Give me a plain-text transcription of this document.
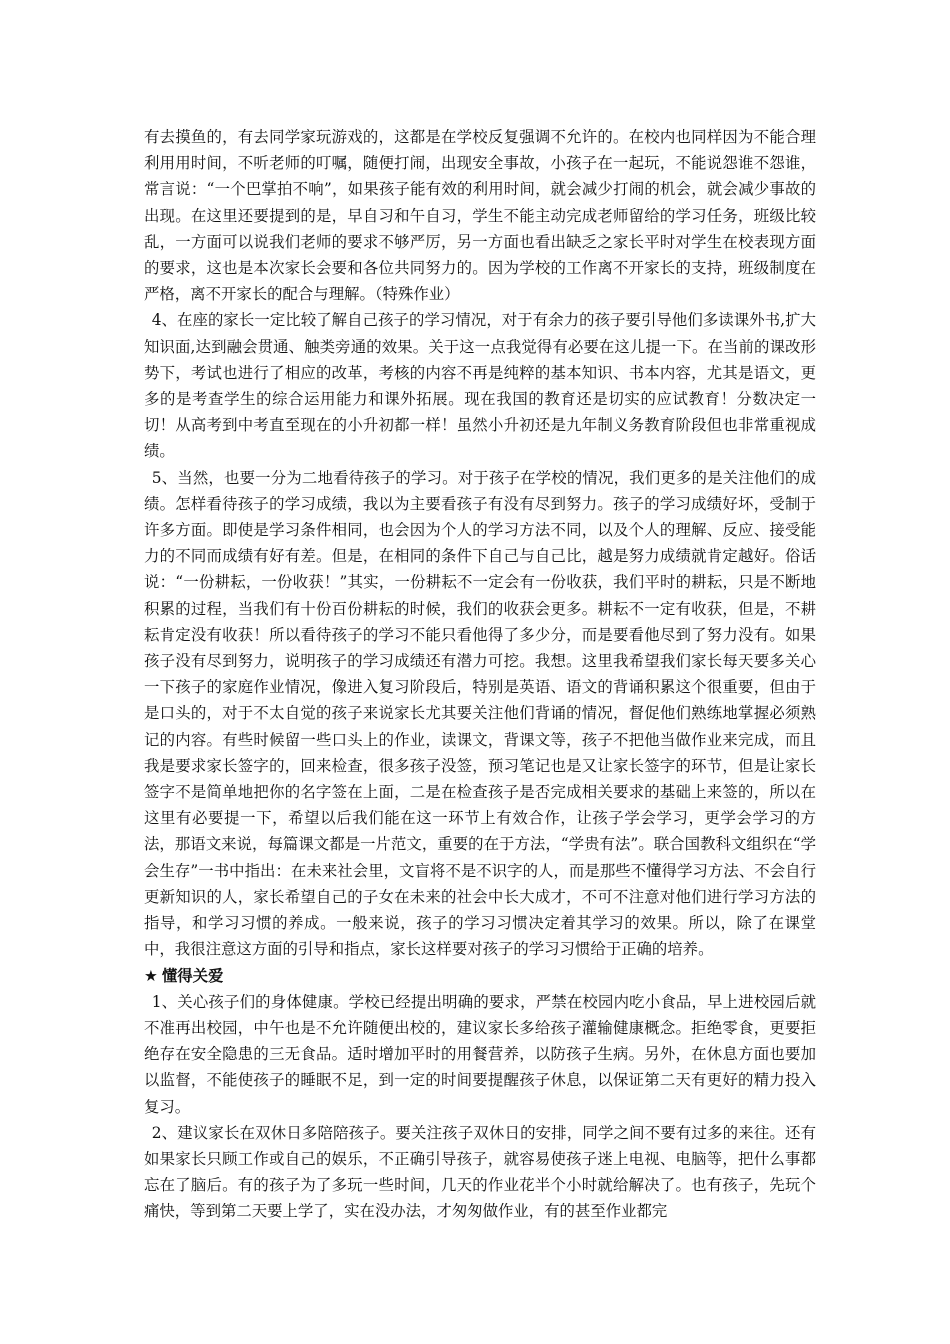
有去摸鱼的，有去同学家玩游戏的，这都是在学校反复强调不允许的。在校内也同样因为不能合理利用用时间，不听老师的叮嘱，随便打闹，出现安全事故，小孩子在一起玩，不能说怨谁不怨谁，常言说：“一个巴掌拍不响”，如果孩子能有效的利用时间，就会减少打闹的机会，就会减少事故的出现。在这里还要提到的是，早自习和午自习，学生不能主动完成老师留给的学习任务，班级比较乱，一方面可以说我们老师的要求不够严厉，另一方面也看出缺乏之家长平时对学生在校表现方面的要求，这也是本次家长会要和各位共同努力的。因为学校的工作离不开家长的支持，班级制度在严格，离不开家长的配合与理解。（特殊作业）

4、在座的家长一定比较了解自己孩子的学习情况，对于有余力的孩子要引导他们多读课外书,扩大知识面,达到融会贯通、触类旁通的效果。关于这一点我觉得有必要在这儿提一下。在当前的课改形势下，考试也进行了相应的改革，考核的内容不再是纯粹的基本知识、书本内容，尤其是语文，更多的是考查学生的综合运用能力和课外拓展。现在我国的教育还是切实的应试教育！分数决定一切！从高考到中考直至现在的小升初都一样！虽然小升初还是九年制义务教育阶段但也非常重视成绩。

5、当然，也要一分为二地看待孩子的学习。对于孩子在学校的情况，我们更多的是关注他们的成绩。怎样看待孩子的学习成绩，我以为主要看孩子有没有尽到努力。孩子的学习成绩好坏，受制于许多方面。即使是学习条件相同，也会因为个人的学习方法不同，以及个人的理解、反应、接受能力的不同而成绩有好有差。但是，在相同的条件下自己与自己比，越是努力成绩就肯定越好。俗话说：“一份耕耘，一份收获！”其实，一份耕耘不一定会有一份收获，我们平时的耕耘，只是不断地积累的过程，当我们有十份百份耕耘的时候，我们的收获会更多。耕耘不一定有收获，但是，不耕耘肯定没有收获！所以看待孩子的学习不能只看他得了多少分，而是要看他尽到了努力没有。如果孩子没有尽到努力，说明孩子的学习成绩还有潜力可挖。我想。这里我希望我们家长每天要多关心一下孩子的家庭作业情况，像进入复习阶段后，特别是英语、语文的背诵积累这个很重要，但由于是口头的，对于不太自觉的孩子来说家长尤其要关注他们背诵的情况，督促他们熟练地掌握必须熟记的内容。有些时候留一些口头上的作业，读课文，背课文等，孩子不把他当做作业来完成，而且我是要求家长签字的，回来检查，很多孩子没签，预习笔记也是又让家长签字的环节，但是让家长签字不是简单地把你的名字签在上面，二是在检查孩子是否完成相关要求的基础上来签的，所以在这里有必要提一下，希望以后我们能在这一环节上有效合作，让孩子学会学习，更学会学习的方法，那语文来说，每篇课文都是一片范文，重要的在于方法，“学贵有法”。联合国教科文组织在“学会生存”一书中指出：在未来社会里，文盲将不是不识字的人，而是那些不懂得学习方法、不会自行更新知识的人，家长希望自己的子女在未来的社会中长大成才，不可不注意对他们进行学习方法的指导，和学习习惯的养成。一般来说，孩子的学习习惯决定着其学习的效果。所以，除了在课堂中，我很注意这方面的引导和指点，家长这样要对孩子的学习习惯给于正确的培养。

★ 懂得关爱

1、关心孩子们的身体健康。学校已经提出明确的要求，严禁在校园内吃小食品，早上进校园后就不准再出校园，中午也是不允许随便出校的，建议家长多给孩子灌输健康概念。拒绝零食，更要拒绝存在安全隐患的三无食品。适时增加平时的用餐营养，以防孩子生病。另外，在休息方面也要加以监督，不能使孩子的睡眠不足，到一定的时间要提醒孩子休息，以保证第二天有更好的精力投入复习。

2、建议家长在双休日多陪陪孩子。要关注孩子双休日的安排，同学之间不要有过多的来往。还有如果家长只顾工作或自己的娱乐，不正确引导孩子，就容易使孩子迷上电视、电脑等，把什么事都忘在了脑后。有的孩子为了多玩一些时间，几天的作业花半个小时就给解决了。也有孩子，先玩个痛快，等到第二天要上学了，实在没办法，才匆匆做作业，有的甚至作业都完
